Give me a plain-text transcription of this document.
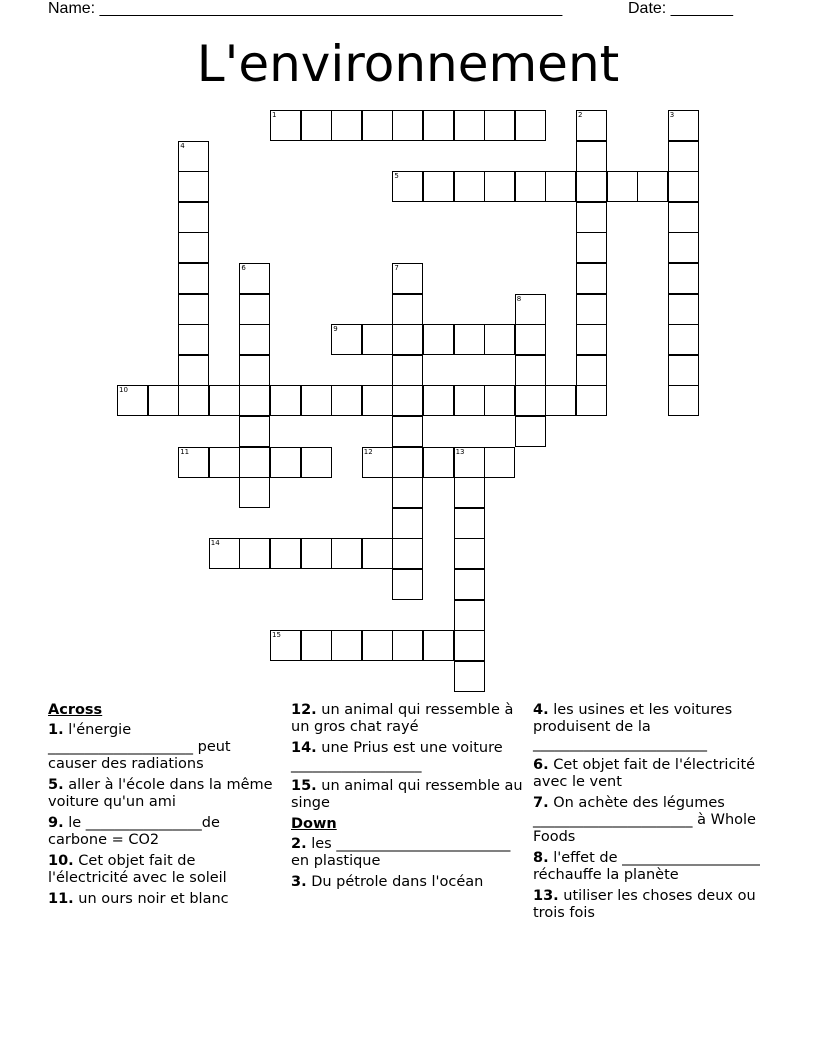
Name: ____________________________________________________	Date: _______
L'environnement
1
5
9
10
11	12	13
14
15
2	3
4
6	7
8
Across
1. l'énergie ____________________ peut causer des radiations
5. aller à l'école dans la même voiture qu'un ami
9. le ________________de carbone = CO2
10. Cet objet fait de l'électricité avec le soleil
11. un ours noir et blanc
12. un animal qui ressemble à un gros chat rayé
14. une Prius est une voiture __________________
15. un animal qui ressemble au singe
Down
2. les ________________________ en plastique
3. Du pétrole dans l'océan
4. les usines et les voitures produisent de la ________________________
6. Cet objet fait de l'électricité avec le vent
7. On achète des légumes ______________________ à Whole Foods
8. l'effet de ___________________ réchauffe la planète
13. utiliser les choses deux ou trois fois
